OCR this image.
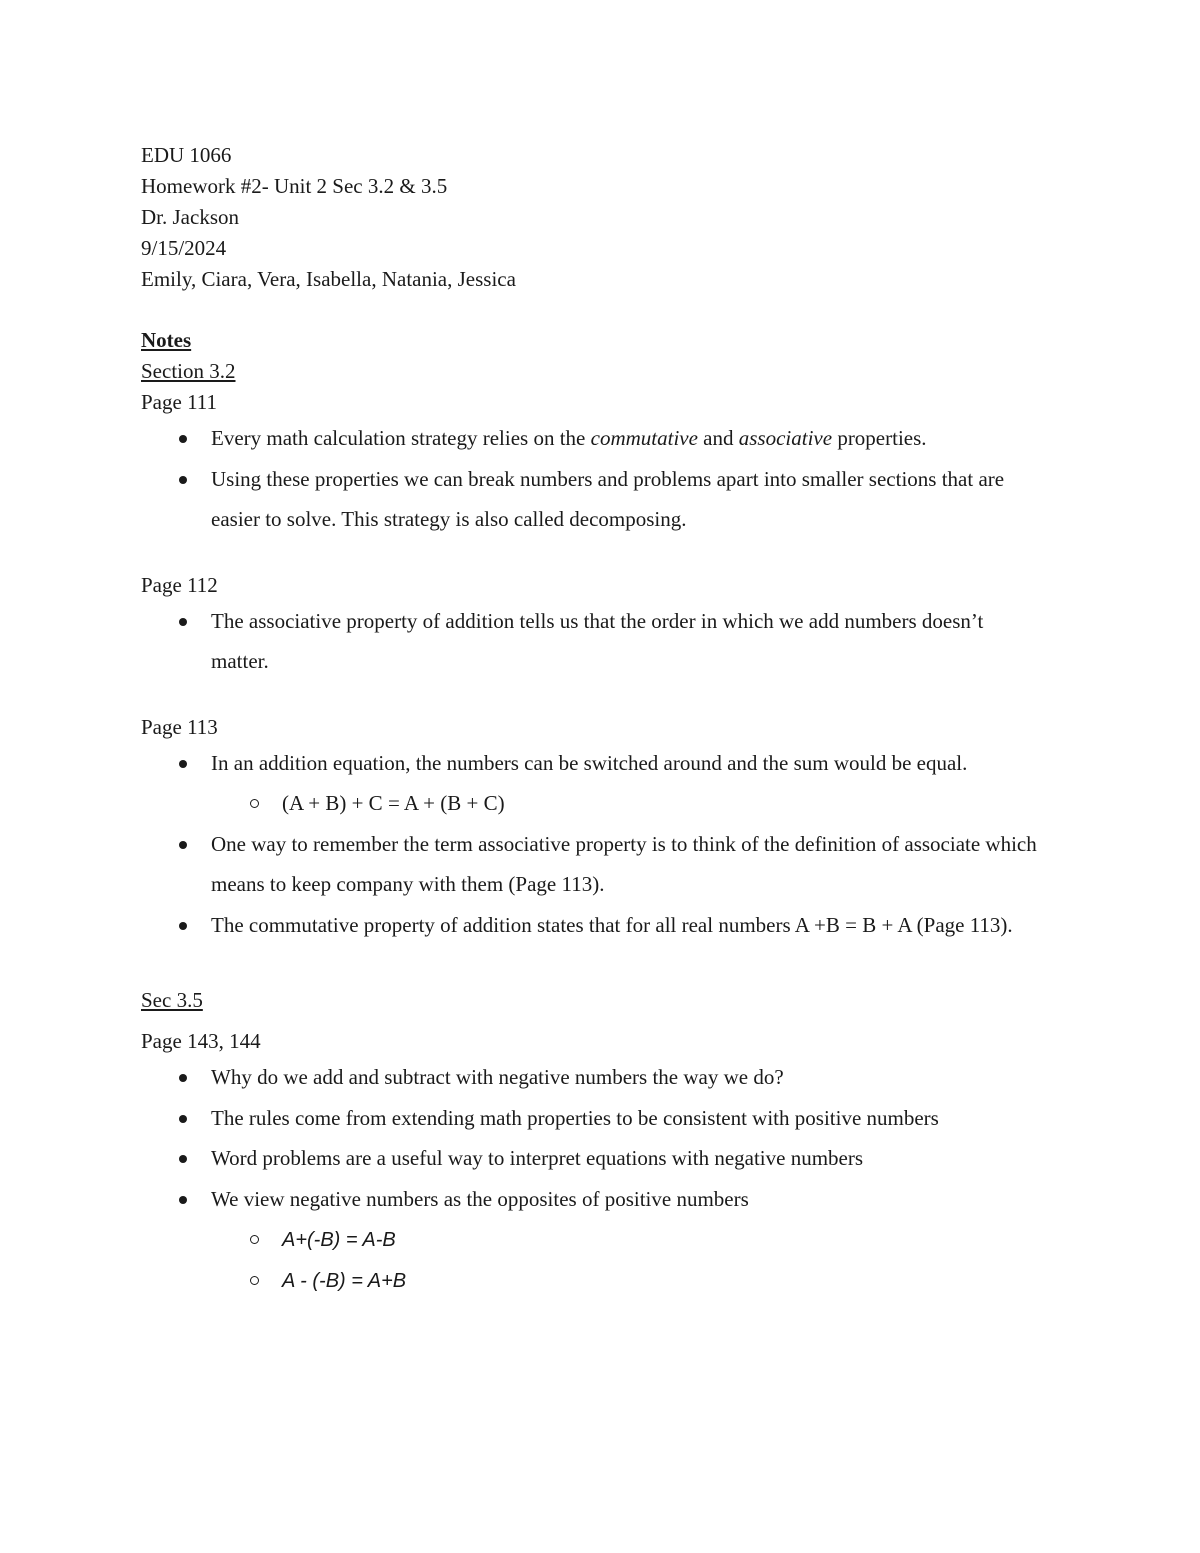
EDU 1066
Homework #2- Unit 2 Sec 3.2 & 3.5
Dr. Jackson
9/15/2024
Emily, Ciara, Vera, Isabella, Natania, Jessica
Notes
Section 3.2
Page 111
Every math calculation strategy relies on the commutative and associative properties.
Using these properties we can break numbers and problems apart into smaller sections that are easier to solve. This strategy is also called decomposing.
Page 112
The associative property of addition tells us that the order in which we add numbers doesn’t matter.
Page 113
In an addition equation, the numbers can be switched around and the sum would be equal.
(A + B) + C = A + (B + C)
One way to remember the term associative property is to think of the definition of associate which means to keep company with them (Page 113).
The commutative property of addition states that for all real numbers A +B = B + A (Page 113).
Sec 3.5
Page 143, 144
Why do we add and subtract with negative numbers the way we do?
The rules come from extending math properties to be consistent with positive numbers
Word problems are a useful way to interpret equations with negative numbers
We view negative numbers as the opposites of positive numbers
A+(-B) = A-B
A - (-B) = A+B
